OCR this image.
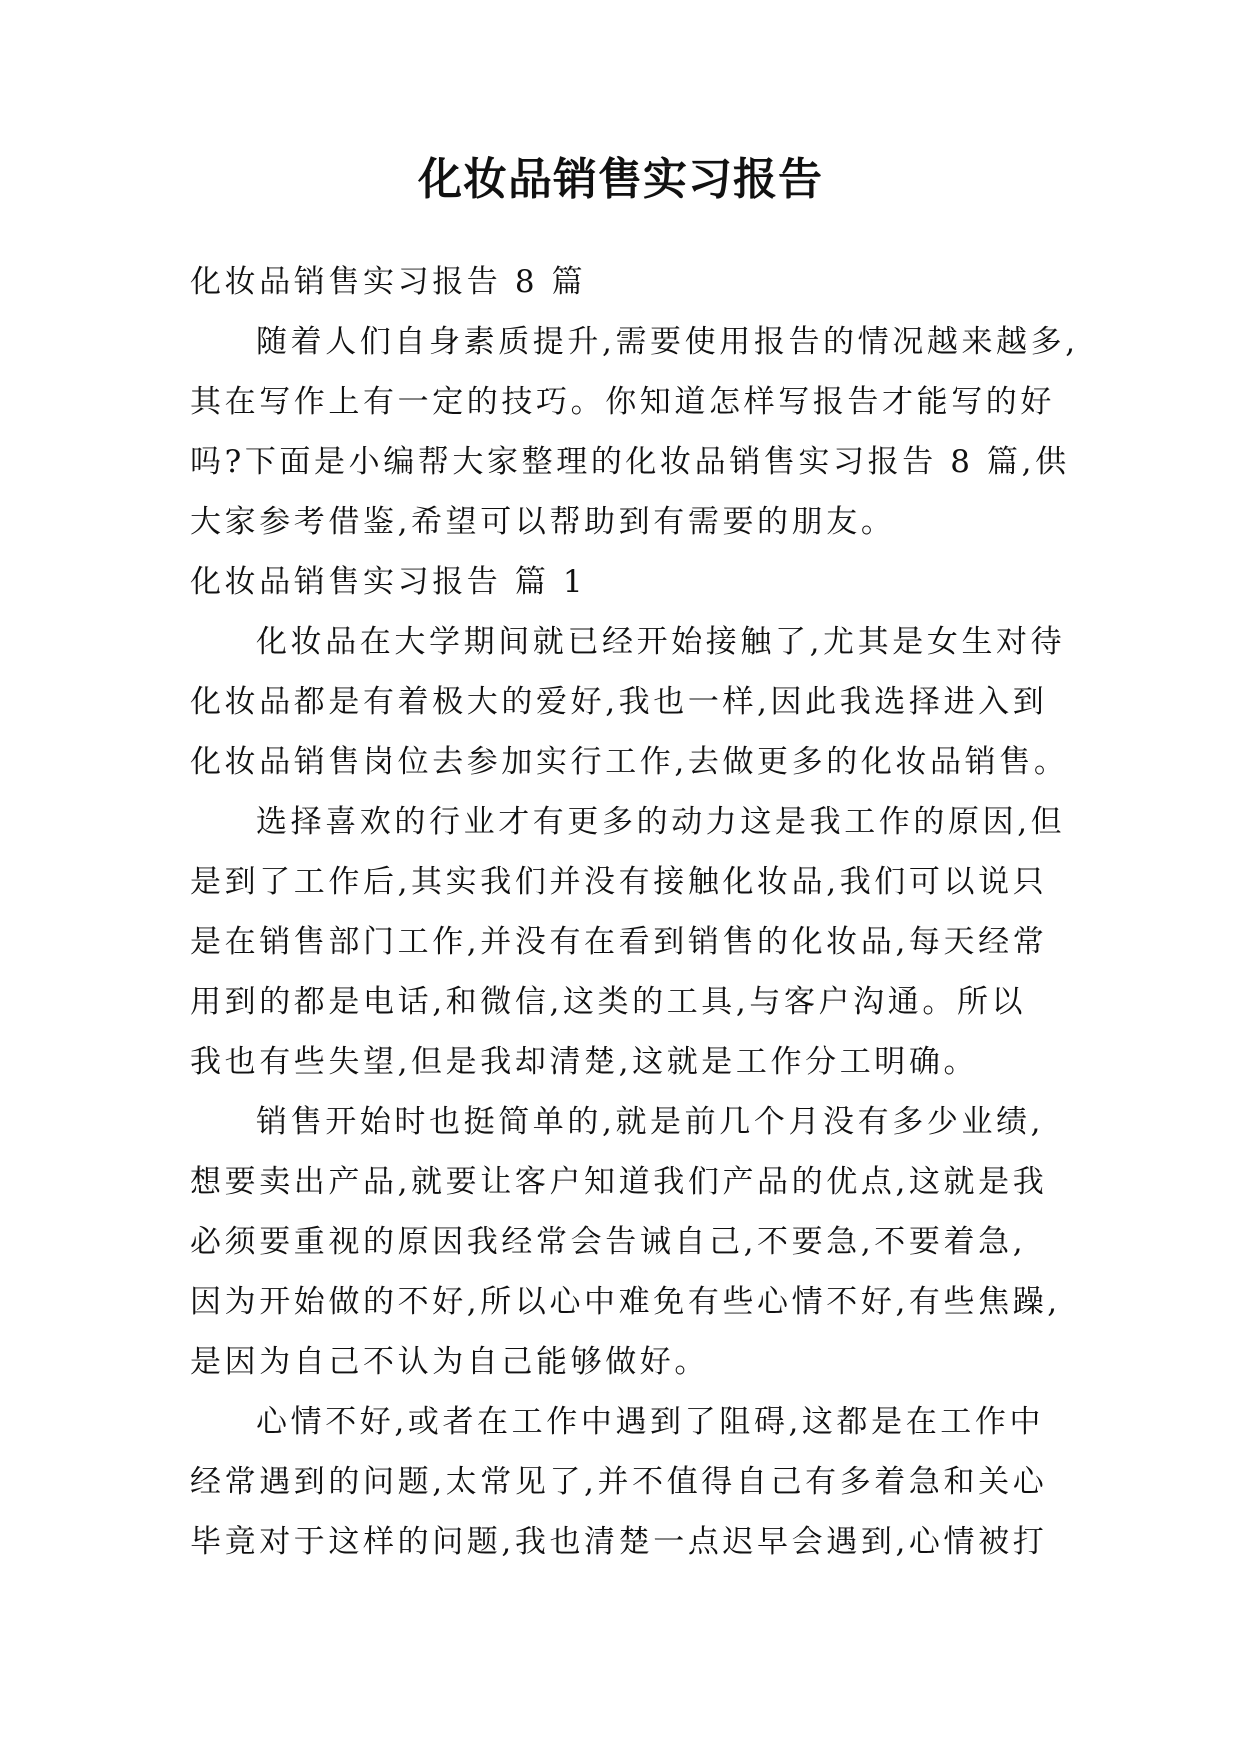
化妆品销售实习报告
化妆品销售实习报告 8 篇
随着人们自身素质提升,需要使用报告的情况越来越多,
其在写作上有一定的技巧。你知道怎样写报告才能写的好
吗?下面是小编帮大家整理的化妆品销售实习报告 8 篇,供
大家参考借鉴,希望可以帮助到有需要的朋友。
化妆品销售实习报告 篇 1
化妆品在大学期间就已经开始接触了,尤其是女生对待
化妆品都是有着极大的爱好,我也一样,因此我选择进入到
化妆品销售岗位去参加实行工作,去做更多的化妆品销售。
选择喜欢的行业才有更多的动力这是我工作的原因,但
是到了工作后,其实我们并没有接触化妆品,我们可以说只
是在销售部门工作,并没有在看到销售的化妆品,每天经常
用到的都是电话,和微信,这类的工具,与客户沟通。所以
我也有些失望,但是我却清楚,这就是工作分工明确。
销售开始时也挺简单的,就是前几个月没有多少业绩,
想要卖出产品,就要让客户知道我们产品的优点,这就是我
必须要重视的原因我经常会告诫自己,不要急,不要着急,
因为开始做的不好,所以心中难免有些心情不好,有些焦躁,
是因为自己不认为自己能够做好。
心情不好,或者在工作中遇到了阻碍,这都是在工作中
经常遇到的问题,太常见了,并不值得自己有多着急和关心
毕竟对于这样的问题,我也清楚一点迟早会遇到,心情被打
